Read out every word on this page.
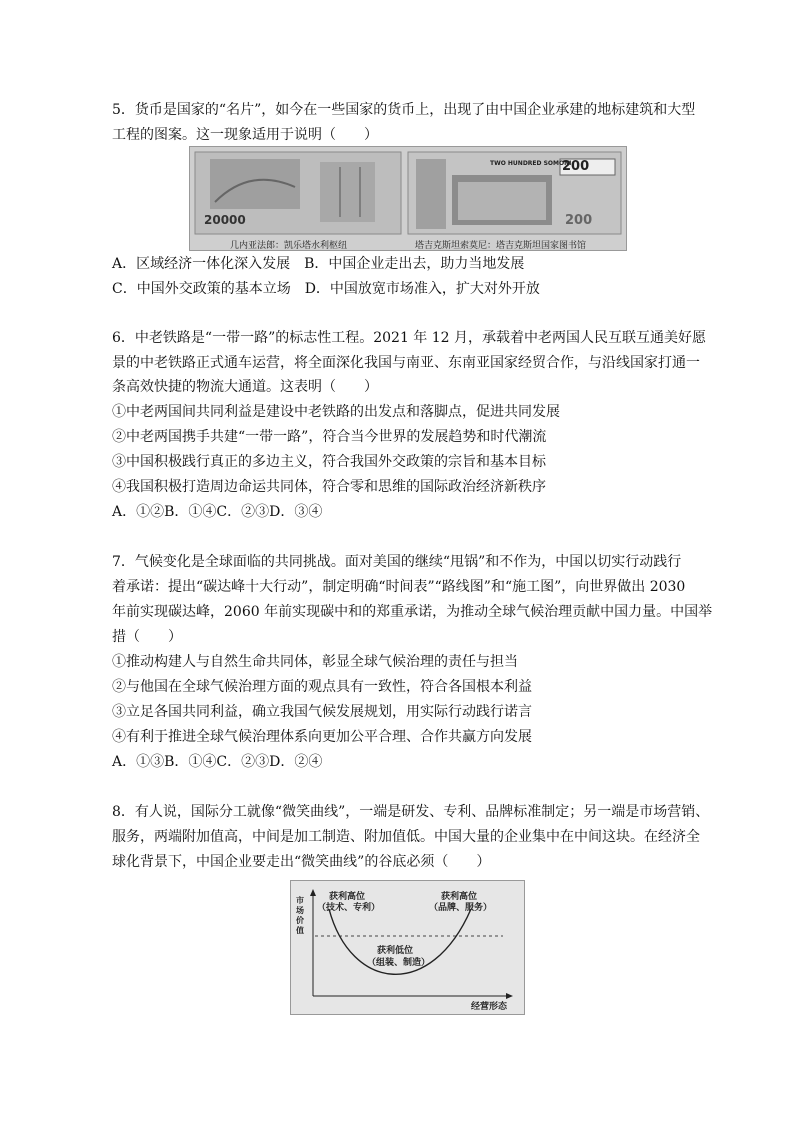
5．货币是国家的“名片”，如今在一些国家的货币上，出现了由中国企业承建的地标建筑和大型
工程的图案。这一现象适用于说明（　　）
20000
TWO HUNDRED SOMONI
200
200
几内亚法郎：凯乐塔水利枢纽	塔吉克斯坦索莫尼：塔吉克斯坦国家图书馆
A．区域经济一体化深入发展　B．中国企业走出去，助力当地发展
C．中国外交政策的基本立场　D．中国放宽市场准入，扩大对外开放
6．中老铁路是“一带一路”的标志性工程。2021 年 12 月，承载着中老两国人民互联互通美好愿
景的中老铁路正式通车运营，将全面深化我国与南亚、东南亚国家经贸合作，与沿线国家打通一
条高效快捷的物流大通道。这表明（　　）
①中老两国间共同利益是建设中老铁路的出发点和落脚点，促进共同发展
②中老两国携手共建“一带一路”，符合当今世界的发展趋势和时代潮流
③中国积极践行真正的多边主义，符合我国外交政策的宗旨和基本目标
④我国积极打造周边命运共同体，符合零和思维的国际政治经济新秩序
A．①②B．①④C．②③D．③④
7．气候变化是全球面临的共同挑战。面对美国的继续“甩锅”和不作为，中国以切实行动践行
着承诺：提出“碳达峰十大行动”，制定明确“时间表”“路线图”和“施工图”，向世界做出 2030
年前实现碳达峰，2060 年前实现碳中和的郑重承诺，为推动全球气候治理贡献中国力量。中国举
措（　　）
①推动构建人与自然生命共同体，彰显全球气候治理的责任与担当
②与他国在全球气候治理方面的观点具有一致性，符合各国根本利益
③立足各国共同利益，确立我国气候发展规划，用实际行动践行诺言
④有利于推进全球气候治理体系向更加公平合理、合作共赢方向发展
A．①③B．①④C．②③D．②④
8．有人说，国际分工就像“微笑曲线”，一端是研发、专利、品牌标准制定；另一端是市场营销、
服务，两端附加值高，中间是加工制造、附加值低。中国大量的企业集中在中间这块。在经济全
球化背景下，中国企业要走出“微笑曲线”的谷底必须（　　）
市场价值
获利高位
（技术、专利）
获利高位
（品牌、服务）
获利低位
（组装、制造）
经营形态
